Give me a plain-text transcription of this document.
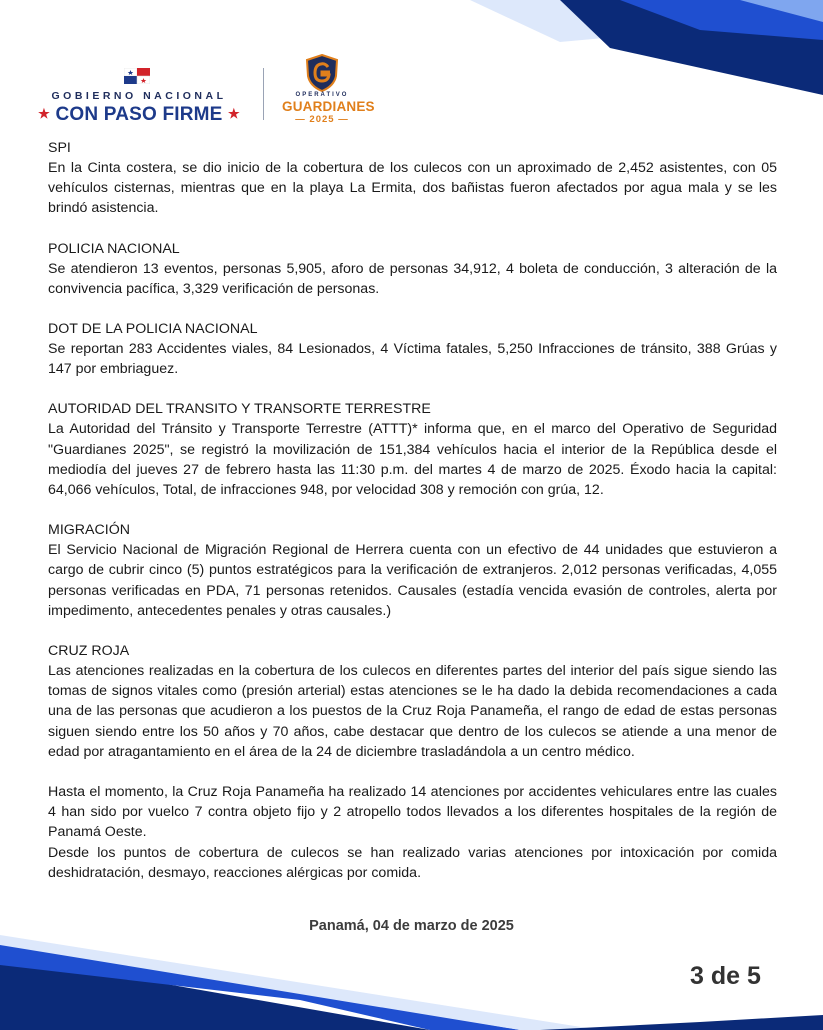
GOBIERNO NACIONAL
★ CON PASO FIRME ★
OPERATIVO
GUARDIANES
— 2025 —
SPI

En la Cinta costera, se dio inicio de la cobertura de los culecos con un aproximado de 2,452 asistentes, con 05 vehículos cisternas, mientras que en la playa La Ermita, dos bañistas fueron afectados por agua mala y se les brindó asistencia.

POLICIA NACIONAL

Se atendieron 13 eventos, personas 5,905, aforo de personas 34,912, 4 boleta de conducción, 3 alteración de la convivencia pacífica, 3,329 verificación de personas.

DOT DE LA POLICIA NACIONAL

Se reportan 283 Accidentes viales, 84 Lesionados, 4 Víctima fatales, 5,250 Infracciones de tránsito, 388 Grúas y 147 por embriaguez.

AUTORIDAD DEL TRANSITO Y TRANSORTE TERRESTRE

La Autoridad del Tránsito y Transporte Terrestre (ATTT)* informa que, en el marco del Operativo de Seguridad "Guardianes 2025", se registró la movilización de 151,384 vehículos hacia el interior de la República desde el mediodía del jueves 27 de febrero hasta las 11:30 p.m. del martes 4 de marzo de 2025. Éxodo hacia la capital: 64,066 vehículos, Total, de infracciones 948, por velocidad 308 y remoción con grúa, 12.

MIGRACIÓN

El Servicio Nacional de Migración Regional de Herrera cuenta con un efectivo de 44 unidades que estuvieron a cargo de cubrir cinco (5) puntos estratégicos para la verificación de extranjeros. 2,012 personas verificadas, 4,055 personas verificadas en PDA, 71 personas retenidos. Causales (estadía vencida evasión de controles, alerta por impedimento, antecedentes penales y otras causales.)

CRUZ ROJA

Las atenciones realizadas en la cobertura de los culecos en diferentes partes del interior del país sigue siendo las tomas de signos vitales como (presión arterial) estas atenciones se le ha dado la debida recomendaciones a cada una de las personas que acudieron a los puestos de la Cruz Roja Panameña, el rango de edad de estas personas siguen siendo entre los 50 años y 70 años, cabe destacar que dentro de los culecos se atiende a una menor de edad por atragantamiento en el área de la 24 de diciembre trasladándola a un centro médico.

Hasta el momento, la Cruz Roja Panameña ha realizado 14 atenciones por accidentes vehiculares entre las cuales 4 han sido por vuelco 7 contra objeto fijo y 2 atropello todos llevados a los diferentes hospitales de la región de Panamá Oeste.

Desde los puntos de cobertura de culecos se han realizado varias atenciones por intoxicación por comida deshidratación, desmayo, reacciones alérgicas por comida.

Panamá, 04 de marzo de 2025
3 de 5
